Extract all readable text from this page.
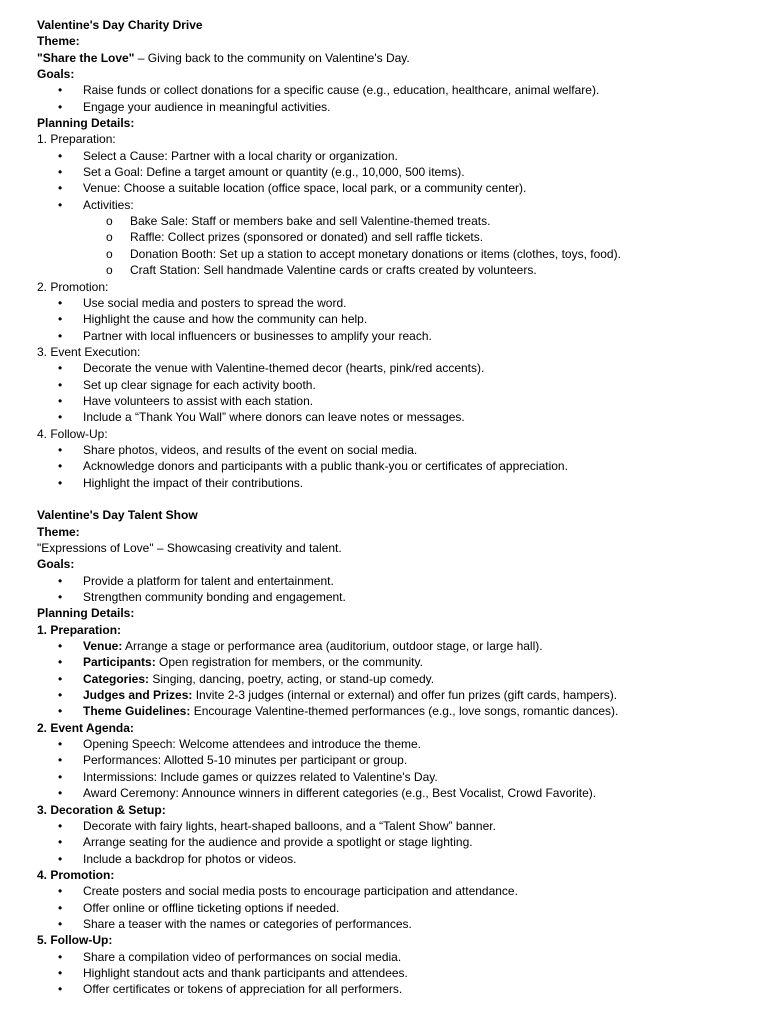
Valentine's Day Charity Drive
Theme:
"Share the Love" – Giving back to the community on Valentine's Day.
Goals:
• Raise funds or collect donations for a specific cause (e.g., education, healthcare, animal welfare).
• Engage your audience in meaningful activities.
Planning Details:
1. Preparation:
• Select a Cause: Partner with a local charity or organization.
• Set a Goal: Define a target amount or quantity (e.g., 10,000, 500 items).
• Venue: Choose a suitable location (office space, local park, or a community center).
• Activities:
o Bake Sale: Staff or members bake and sell Valentine-themed treats.
o Raffle: Collect prizes (sponsored or donated) and sell raffle tickets.
o Donation Booth: Set up a station to accept monetary donations or items (clothes, toys, food).
o Craft Station: Sell handmade Valentine cards or crafts created by volunteers.
2. Promotion:
• Use social media and posters to spread the word.
• Highlight the cause and how the community can help.
• Partner with local influencers or businesses to amplify your reach.
3. Event Execution:
• Decorate the venue with Valentine-themed decor (hearts, pink/red accents).
• Set up clear signage for each activity booth.
• Have volunteers to assist with each station.
• Include a “Thank You Wall” where donors can leave notes or messages.
4. Follow-Up:
• Share photos, videos, and results of the event on social media.
• Acknowledge donors and participants with a public thank-you or certificates of appreciation.
• Highlight the impact of their contributions.
Valentine's Day Talent Show
Theme:
"Expressions of Love" – Showcasing creativity and talent.
Goals:
• Provide a platform for talent and entertainment.
• Strengthen community bonding and engagement.
Planning Details:
1. Preparation:
• Venue: Arrange a stage or performance area (auditorium, outdoor stage, or large hall).
• Participants: Open registration for members, or the community.
• Categories: Singing, dancing, poetry, acting, or stand-up comedy.
• Judges and Prizes: Invite 2-3 judges (internal or external) and offer fun prizes (gift cards, hampers).
• Theme Guidelines: Encourage Valentine-themed performances (e.g., love songs, romantic dances).
2. Event Agenda:
• Opening Speech: Welcome attendees and introduce the theme.
• Performances: Allotted 5-10 minutes per participant or group.
• Intermissions: Include games or quizzes related to Valentine's Day.
• Award Ceremony: Announce winners in different categories (e.g., Best Vocalist, Crowd Favorite).
3. Decoration & Setup:
• Decorate with fairy lights, heart-shaped balloons, and a “Talent Show” banner.
• Arrange seating for the audience and provide a spotlight or stage lighting.
• Include a backdrop for photos or videos.
4. Promotion:
• Create posters and social media posts to encourage participation and attendance.
• Offer online or offline ticketing options if needed.
• Share a teaser with the names or categories of performances.
5. Follow-Up:
• Share a compilation video of performances on social media.
• Highlight standout acts and thank participants and attendees.
• Offer certificates or tokens of appreciation for all performers.
